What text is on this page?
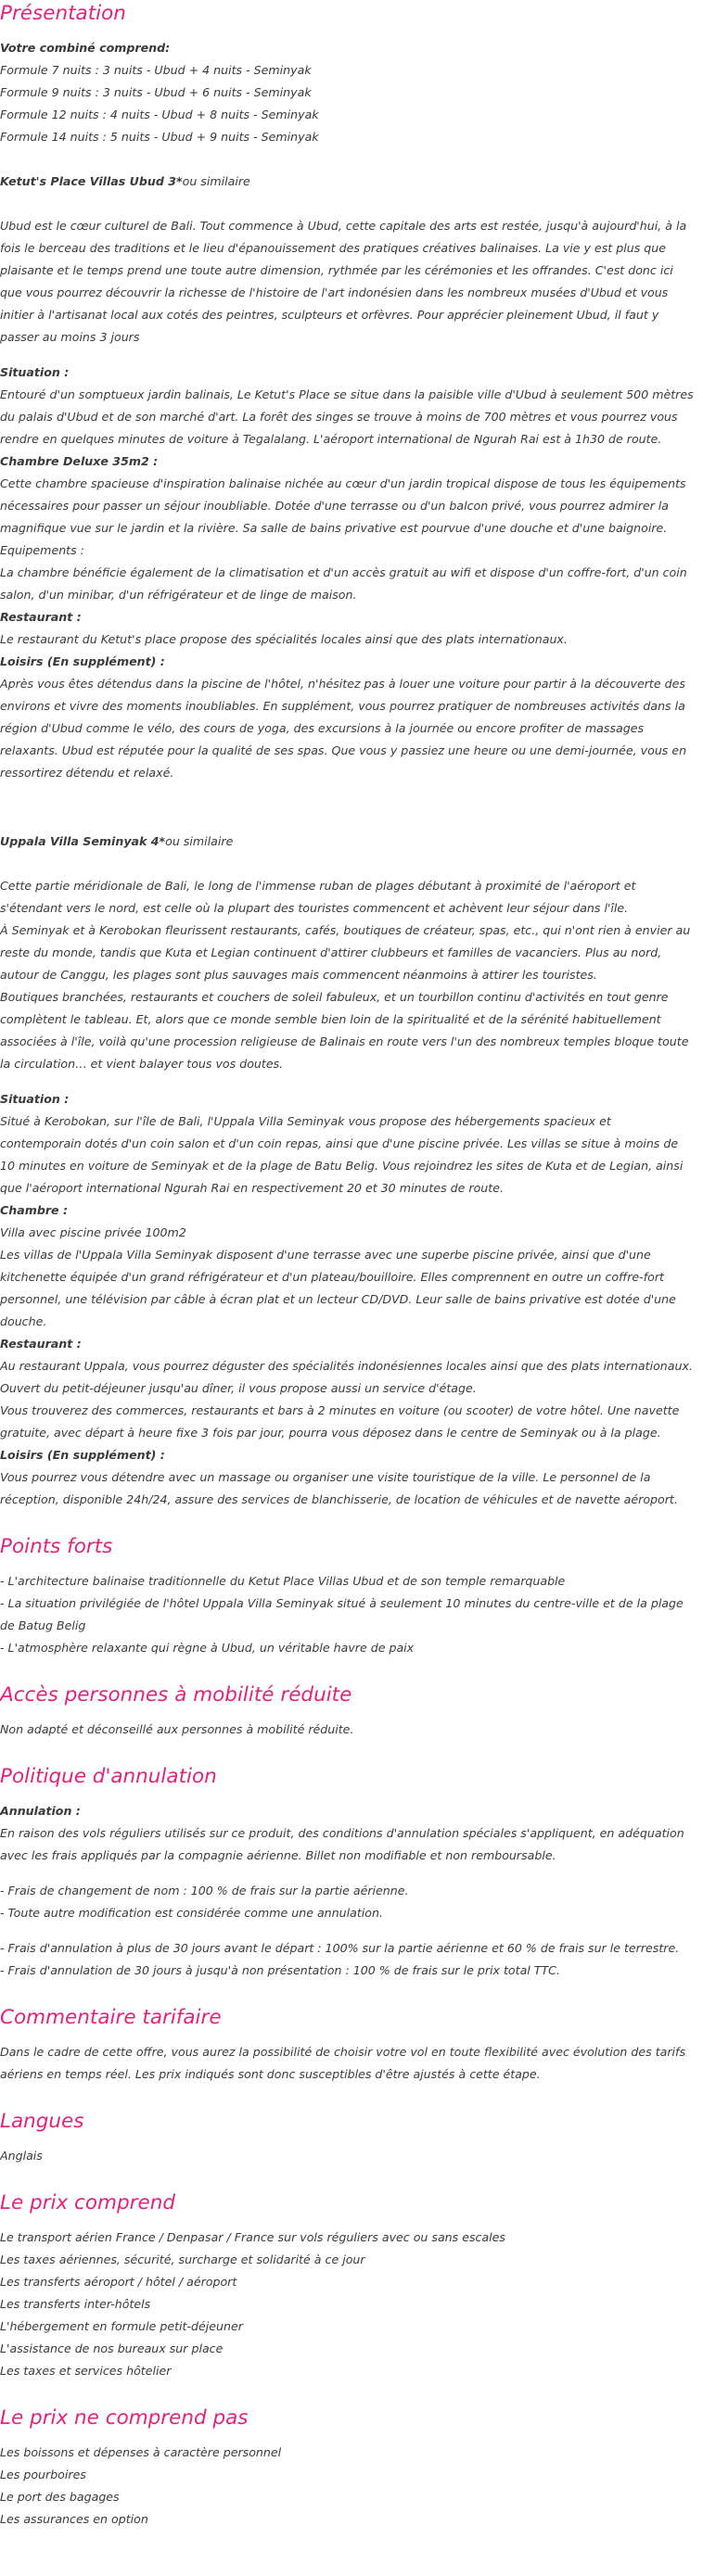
Présentation

Votre combiné comprend:

Formule 7 nuits : 3 nuits - Ubud + 4 nuits - Seminyak
Formule 9 nuits : 3 nuits - Ubud + 6 nuits - Seminyak
Formule 12 nuits : 4 nuits - Ubud + 8 nuits - Seminyak
Formule 14 nuits : 5 nuits - Ubud + 9 nuits - Seminyak

Ketut's Place Villas Ubud 3*ou similaire

Ubud est le cœur culturel de Bali. Tout commence à Ubud, cette capitale des arts est restée, jusqu'à aujourd'hui, à la fois le berceau des traditions et le lieu d'épanouissement des pratiques créatives balinaises. La vie y est plus que plaisante et le temps prend une toute autre dimension, rythmée par les cérémonies et les offrandes. C'est donc ici que vous pourrez découvrir la richesse de l'histoire de l'art indonésien dans les nombreux musées d'Ubud et vous initier à l'artisanat local aux cotés des peintres, sculpteurs et orfèvres. Pour apprécier pleinement Ubud, il faut y passer au moins 3 jours

Situation :

Entouré d'un somptueux jardin balinais, Le Ketut's Place se situe dans la paisible ville d'Ubud à seulement 500 mètres du palais d'Ubud et de son marché d'art. La forêt des singes se trouve à moins de 700 mètres et vous pourrez vous rendre en quelques minutes de voiture à Tegalalang. L'aéroport international de Ngurah Rai est à 1h30 de route.

Chambre Deluxe 35m2 :

Cette chambre spacieuse d'inspiration balinaise nichée au cœur d'un jardin tropical dispose de tous les équipements nécessaires pour passer un séjour inoubliable. Dotée d'une terrasse ou d'un balcon privé, vous pourrez admirer la magnifique vue sur le jardin et la rivière. Sa salle de bains privative est pourvue d'une douche et d'une baignoire.

Equipements :

La chambre bénéficie également de la climatisation et d'un accès gratuit au wifi et dispose d'un coffre-fort, d'un coin salon, d'un minibar, d'un réfrigérateur et de linge de maison.

Restaurant :

Le restaurant du Ketut's place propose des spécialités locales ainsi que des plats internationaux.

Loisirs (En supplément) :

Après vous êtes détendus dans la piscine de l'hôtel, n'hésitez pas à louer une voiture pour partir à la découverte des environs et vivre des moments inoubliables. En supplément, vous pourrez pratiquer de nombreuses activités dans la région d'Ubud comme le vélo, des cours de yoga, des excursions à la journée ou encore profiter de massages relaxants. Ubud est réputée pour la qualité de ses spas. Que vous y passiez une heure ou une demi-journée, vous en ressortirez détendu et relaxé.

Uppala Villa Seminyak 4*ou similaire

Cette partie méridionale de Bali, le long de l'immense ruban de plages débutant à proximité de l'aéroport et s'étendant vers le nord, est celle où la plupart des touristes commencent et achèvent leur séjour dans l'île.

À Seminyak et à Kerobokan fleurissent restaurants, cafés, boutiques de créateur, spas, etc., qui n'ont rien à envier au reste du monde, tandis que Kuta et Legian continuent d'attirer clubbeurs et familles de vacanciers. Plus au nord, autour de Canggu, les plages sont plus sauvages mais commencent néanmoins à attirer les touristes.

Boutiques branchées, restaurants et couchers de soleil fabuleux, et un tourbillon continu d'activités en tout genre complètent le tableau. Et, alors que ce monde semble bien loin de la spiritualité et de la sérénité habituellement associées à l'île, voilà qu'une procession religieuse de Balinais en route vers l'un des nombreux temples bloque toute la circulation… et vient balayer tous vos doutes.

Situation :

Situé à Kerobokan, sur l'île de Bali, l'Uppala Villa Seminyak vous propose des hébergements spacieux et contemporain dotés d'un coin salon et d'un coin repas, ainsi que d'une piscine privée. Les villas se situe à moins de 10 minutes en voiture de Seminyak et de la plage de Batu Belig. Vous rejoindrez les sites de Kuta et de Legian, ainsi que l'aéroport international Ngurah Rai en respectivement 20 et 30 minutes de route.

Chambre :

Villa avec piscine privée 100m2

Les villas de l'Uppala Villa Seminyak disposent d'une terrasse avec une superbe piscine privée, ainsi que d'une kitchenette équipée d'un grand réfrigérateur et d'un plateau/bouilloire. Elles comprennent en outre un coffre-fort personnel, une télévision par câble à écran plat et un lecteur CD/DVD. Leur salle de bains privative est dotée d'une douche.

Restaurant :

Au restaurant Uppala, vous pourrez déguster des spécialités indonésiennes locales ainsi que des plats internationaux. Ouvert du petit-déjeuner jusqu'au dîner, il vous propose aussi un service d'étage.

Vous trouverez des commerces, restaurants et bars à 2 minutes en voiture (ou scooter) de votre hôtel. Une navette gratuite, avec départ à heure fixe 3 fois par jour, pourra vous déposez dans le centre de Seminyak ou à la plage.

Loisirs (En supplément) :

Vous pourrez vous détendre avec un massage ou organiser une visite touristique de la ville. Le personnel de la réception, disponible 24h/24, assure des services de blanchisserie, de location de véhicules et de navette aéroport.

Points forts

- L'architecture balinaise traditionnelle du Ketut Place Villas Ubud et de son temple remarquable
- La situation privilégiée de l'hôtel Uppala Villa Seminyak situé à seulement 10 minutes du centre-ville et de la plage de Batug Belig
- L'atmosphère relaxante qui règne à Ubud, un véritable havre de paix

Accès personnes à mobilité réduite

Non adapté et déconseillé aux personnes à mobilité réduite.

Politique d'annulation

Annulation :

En raison des vols réguliers utilisés sur ce produit, des conditions d'annulation spéciales s'appliquent, en adéquation avec les frais appliqués par la compagnie aérienne. Billet non modifiable et non remboursable.

- Frais de changement de nom : 100 % de frais sur la partie aérienne.
- Toute autre modification est considérée comme une annulation.

- Frais d'annulation à plus de 30 jours avant le départ : 100% sur la partie aérienne et 60 % de frais sur le terrestre.
- Frais d'annulation de 30 jours à jusqu'à non présentation : 100 % de frais sur le prix total TTC.

Commentaire tarifaire

Dans le cadre de cette offre, vous aurez la possibilité de choisir votre vol en toute flexibilité avec évolution des tarifs aériens en temps réel. Les prix indiqués sont donc susceptibles d'être ajustés à cette étape.

Langues

Anglais

Le prix comprend

Le transport aérien France / Denpasar / France sur vols réguliers avec ou sans escales
Les taxes aériennes, sécurité, surcharge et solidarité à ce jour
Les transferts aéroport / hôtel / aéroport
Les transferts inter-hôtels
L'hébergement en formule petit-déjeuner
L'assistance de nos bureaux sur place
Les taxes et services hôtelier

Le prix ne comprend pas

Les boissons et dépenses à caractère personnel
Les pourboires
Le port des bagages
Les assurances en option
